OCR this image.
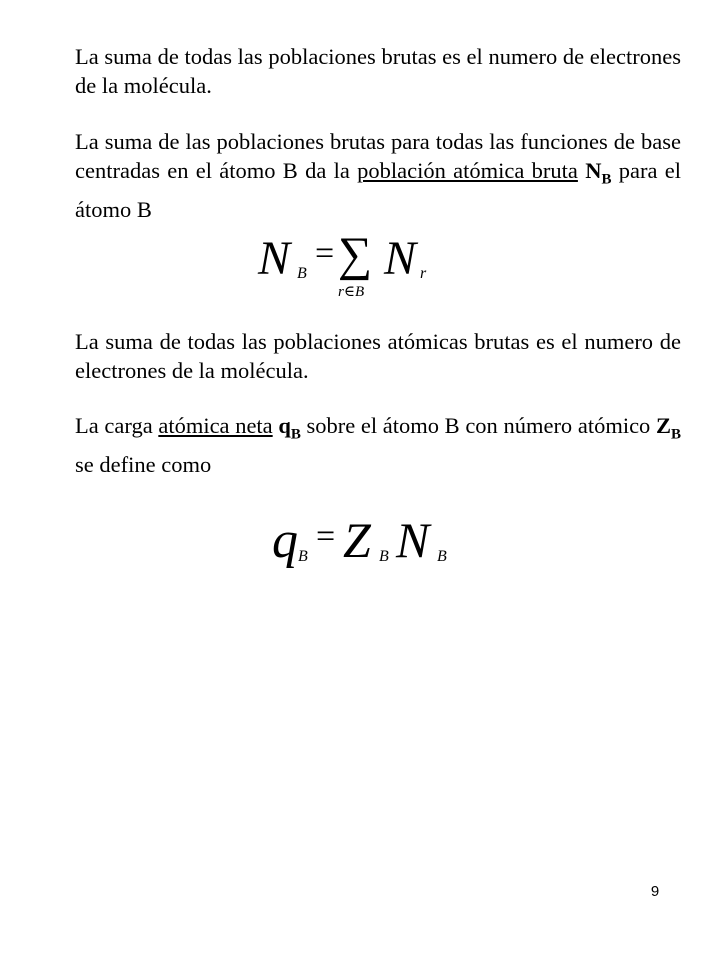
La suma de todas las poblaciones brutas es el numero de electrones de la molécula.
La suma de las poblaciones brutas para todas las funciones de base centradas en el átomo B da la población atómica bruta $N_B$ para el átomo B
N B
= ∑
r∈B
N r
La suma de todas las poblaciones atómicas brutas es el numero de electrones de la molécula.
La carga atómica neta $q_B$ sobre el átomo B con número atómico $Z_B$ se define como
q B
= Z B N B
9
